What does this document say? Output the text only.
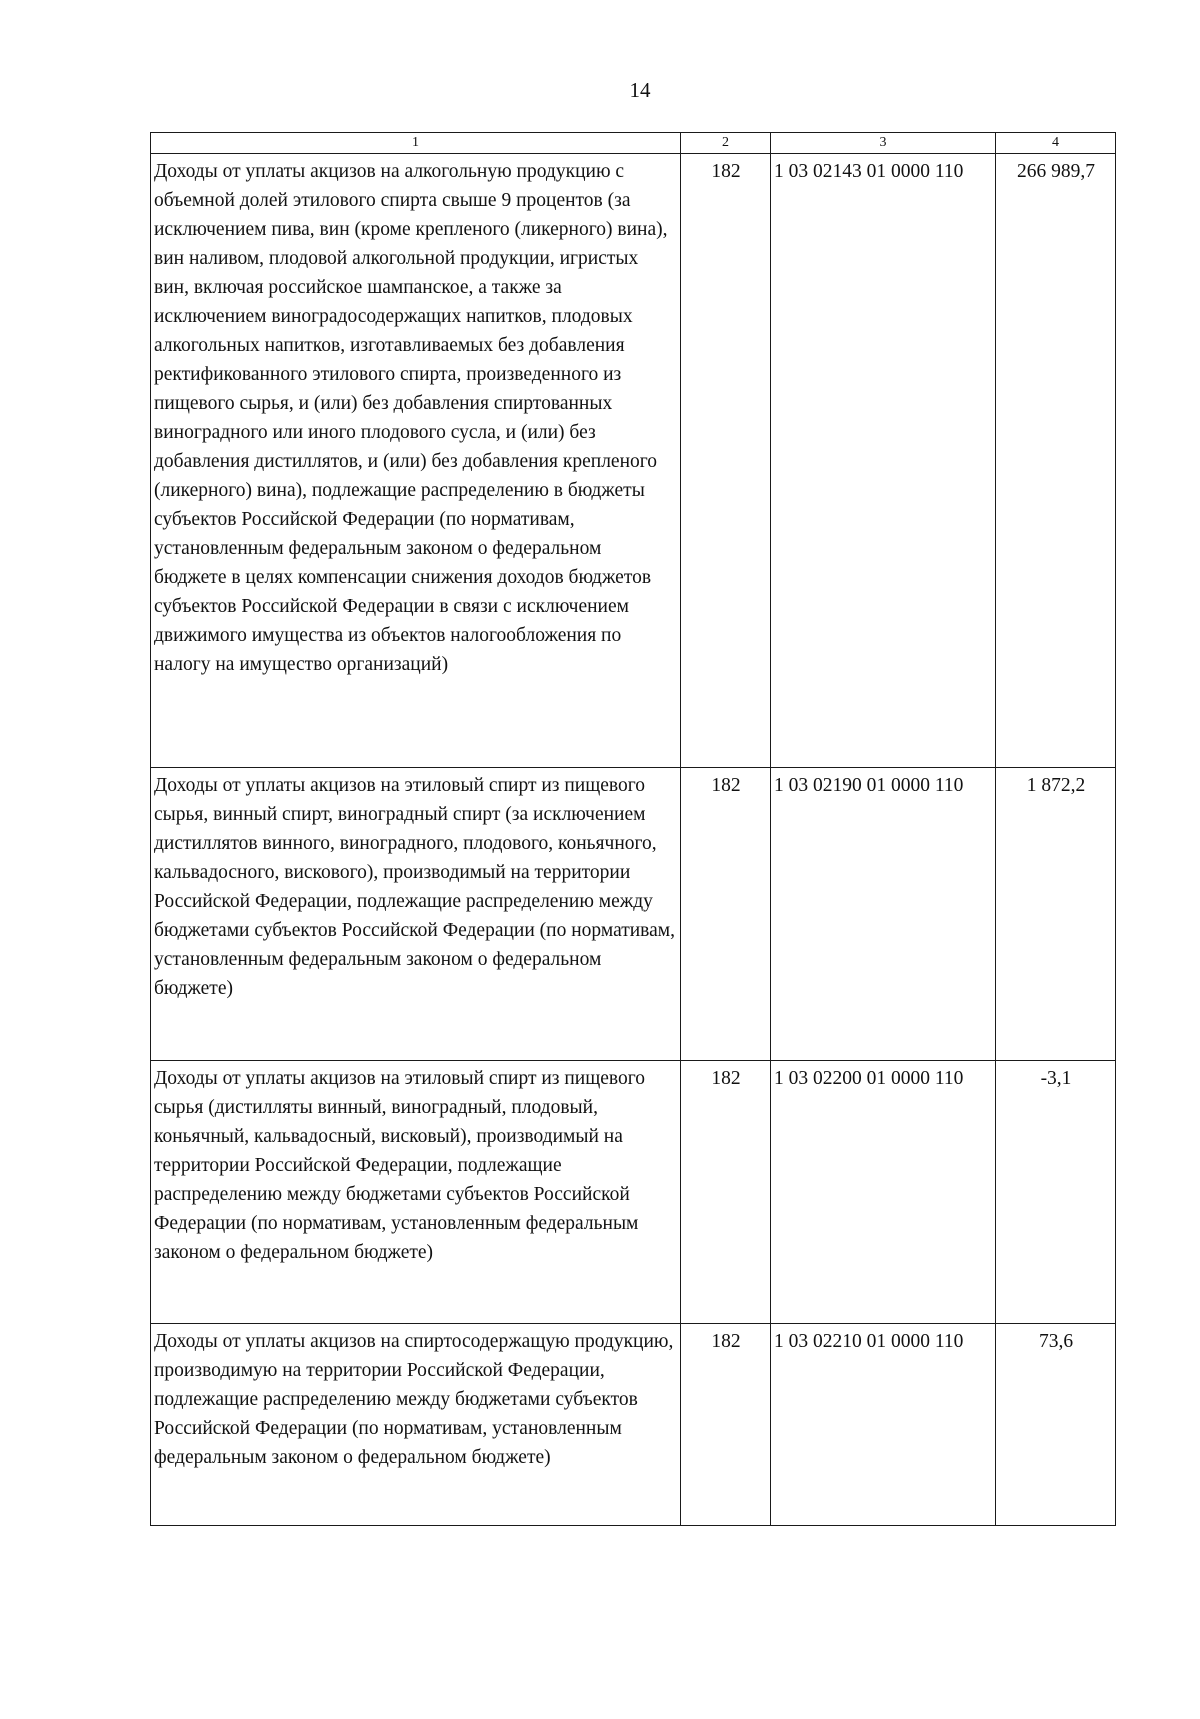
14
1	2	3	4
Доходы от уплаты акцизов на алкогольную продукцию с объемной долей этилового спирта свыше 9 процентов (за исключением пива, вин (кроме крепленого (ликерного) вина), вин наливом, плодовой алкогольной продукции, игристых вин, включая российское шампанское, а также за исключением виноградосодержащих напитков, плодовых алкогольных напитков, изготавливаемых без добавления ректификованного этилового спирта, произведенного из пищевого сырья, и (или) без добавления спиртованных виноградного или иного плодового сусла, и (или) без добавления дистиллятов, и (или) без добавления крепленого (ликерного) вина), подлежащие распределению в бюджеты субъектов Российской Федерации (по нормативам, установленным федеральным законом о федеральном бюджете в целях компенсации снижения доходов бюджетов субъектов Российской Федерации в связи с исключением движимого имущества из объектов налогообложения по налогу на имущество организаций)	182	1 03 02143 01 0000 110	266 989,7
Доходы от уплаты акцизов на этиловый спирт из пищевого сырья, винный спирт, виноградный спирт (за исключением дистиллятов винного, виноградного, плодового, коньячного, кальвадосного, вискового), производимый на территории Российской Федерации, подлежащие распределению между бюджетами субъектов Российской Федерации (по нормативам, установленным федеральным законом о федеральном бюджете)	182	1 03 02190 01 0000 110	1 872,2
Доходы от уплаты акцизов на этиловый спирт из пищевого сырья (дистилляты винный, виноградный, плодовый, коньячный, кальвадосный, висковый), производимый на территории Российской Федерации, подлежащие распределению между бюджетами субъектов Российской Федерации (по нормативам, установленным федеральным законом о федеральном бюджете)	182	1 03 02200 01 0000 110	-3,1
Доходы от уплаты акцизов на спиртосодержащую продукцию, производимую на территории Российской Федерации, подлежащие распределению между бюджетами субъектов Российской Федерации (по нормативам, установленным федеральным законом о федеральном бюджете)	182	1 03 02210 01 0000 110	73,6
